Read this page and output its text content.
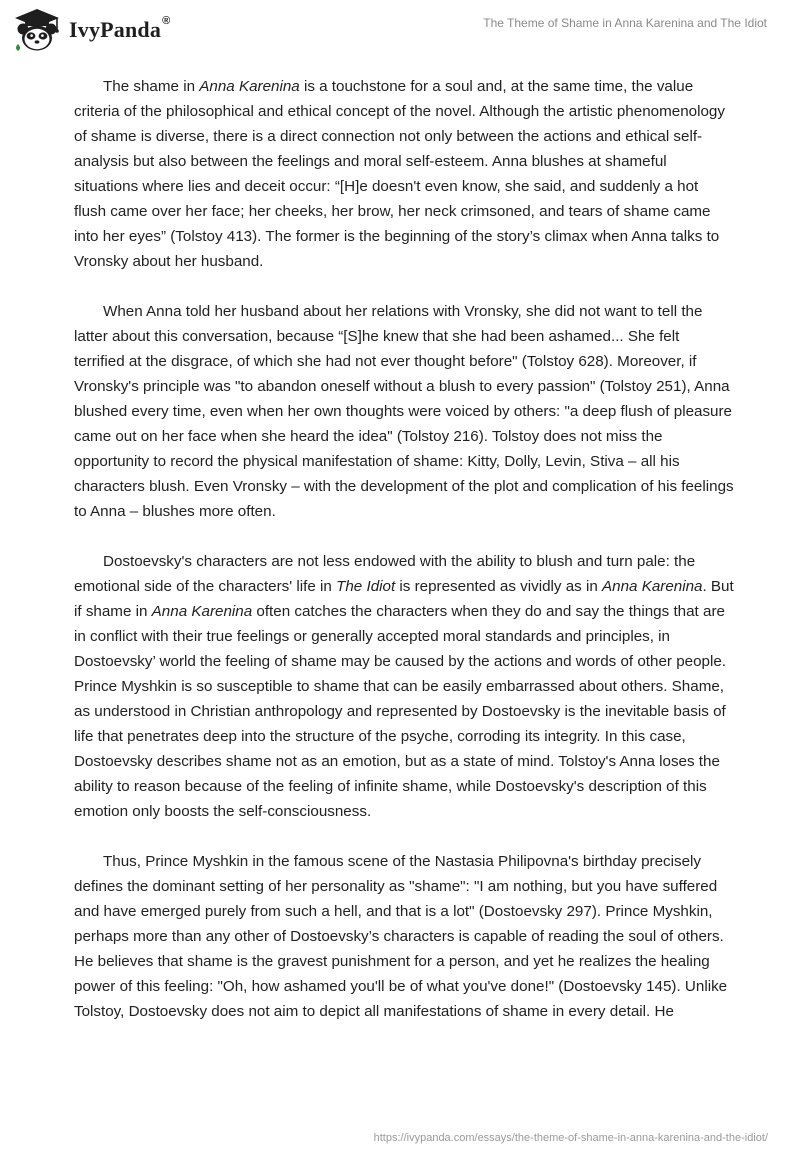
IvyPanda®	The Theme of Shame in Anna Karenina and The Idiot

The shame in Anna Karenina is a touchstone for a soul and, at the same time, the value criteria of the philosophical and ethical concept of the novel. Although the artistic phenomenology of shame is diverse, there is a direct connection not only between the actions and ethical self-analysis but also between the feelings and moral self-esteem. Anna blushes at shameful situations where lies and deceit occur: “[H]e doesn't even know, she said, and suddenly a hot flush came over her face; her cheeks, her brow, her neck crimsoned, and tears of shame came into her eyes” (Tolstoy 413). The former is the beginning of the story’s climax when Anna talks to Vronsky about her husband.

When Anna told her husband about her relations with Vronsky, she did not want to tell the latter about this conversation, because “[S]he knew that she had been ashamed... She felt terrified at the disgrace, of which she had not ever thought before" (Tolstoy 628). Moreover, if Vronsky's principle was "to abandon oneself without a blush to every passion" (Tolstoy 251), Anna blushed every time, even when her own thoughts were voiced by others: "a deep flush of pleasure came out on her face when she heard the idea" (Tolstoy 216). Tolstoy does not miss the opportunity to record the physical manifestation of shame: Kitty, Dolly, Levin, Stiva – all his characters blush. Even Vronsky – with the development of the plot and complication of his feelings to Anna – blushes more often.

Dostoevsky's characters are not less endowed with the ability to blush and turn pale: the emotional side of the characters' life in The Idiot is represented as vividly as in Anna Karenina. But if shame in Anna Karenina often catches the characters when they do and say the things that are in conflict with their true feelings or generally accepted moral standards and principles, in Dostoevsky’ world the feeling of shame may be caused by the actions and words of other people. Prince Myshkin is so susceptible to shame that can be easily embarrassed about others. Shame, as understood in Christian anthropology and represented by Dostoevsky is the inevitable basis of life that penetrates deep into the structure of the psyche, corroding its integrity. In this case, Dostoevsky describes shame not as an emotion, but as a state of mind. Tolstoy's Anna loses the ability to reason because of the feeling of infinite shame, while Dostoevsky's description of this emotion only boosts the self-consciousness.

Thus, Prince Myshkin in the famous scene of the Nastasia Philipovna's birthday precisely defines the dominant setting of her personality as "shame": "I am nothing, but you have suffered and have emerged purely from such a hell, and that is a lot" (Dostoevsky 297). Prince Myshkin, perhaps more than any other of Dostoevsky’s characters is capable of reading the soul of others. He believes that shame is the gravest punishment for a person, and yet he realizes the healing power of this feeling: "Oh, how ashamed you'll be of what you've done!" (Dostoevsky 145). Unlike Tolstoy, Dostoevsky does not aim to depict all manifestations of shame in every detail. He

https://ivypanda.com/essays/the-theme-of-shame-in-anna-karenina-and-the-idiot/
